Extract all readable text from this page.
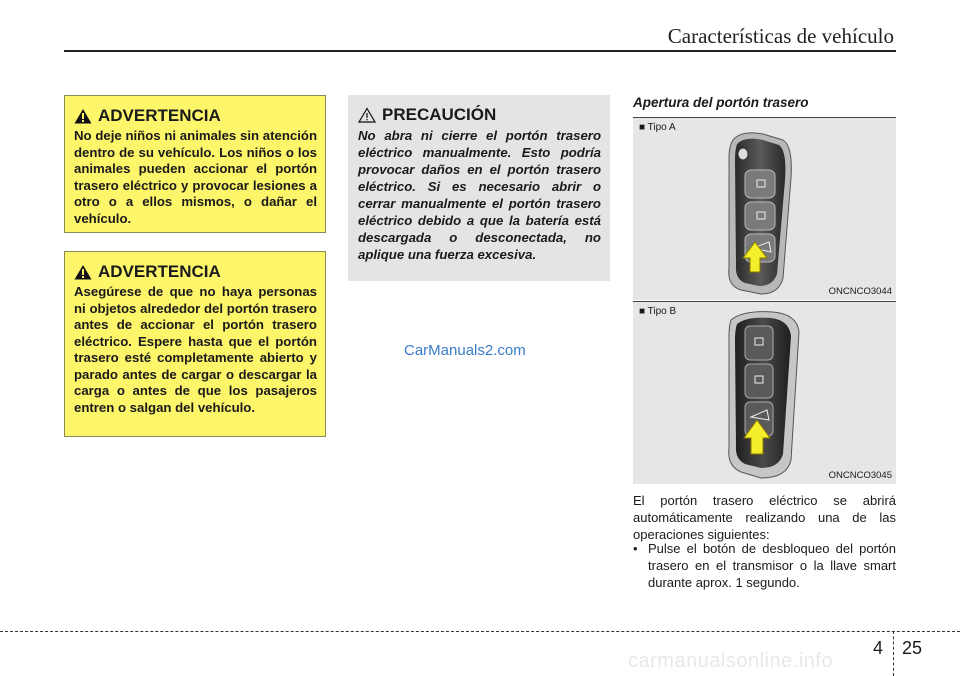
Características de vehículo
ADVERTENCIA
No deje niños ni animales sin atención dentro de su vehículo. Los niños o los animales pueden accionar el portón trasero eléctrico y provocar lesiones a otro o a ellos mismos, o dañar el vehículo.
ADVERTENCIA
Asegúrese de que no haya personas ni objetos alrededor del portón trasero antes de accionar el portón trasero eléctrico. Espere hasta que el portón trasero esté completamente abierto y parado antes de cargar o descargar la carga o antes de que los pasajeros entren o salgan del vehículo.
PRECAUCIÓN
No abra ni cierre el portón trasero eléctrico manualmente. Esto podría provocar daños en el portón trasero eléctrico. Si es necesario abrir o cerrar manualmente el portón trasero eléctrico debido a que la batería está descargada o desconectada, no aplique una fuerza excesiva.
CarManuals2.com
Apertura del portón trasero
■ Tipo A
ONCNCO3044
■ Tipo B
ONCNCO3045
El portón trasero eléctrico se abrirá automáticamente realizando una de las operaciones siguientes:
• Pulse el botón de desbloqueo del portón trasero en el transmisor o la llave smart durante aprox. 1 segundo.
4 25
carmanualsonline.info
